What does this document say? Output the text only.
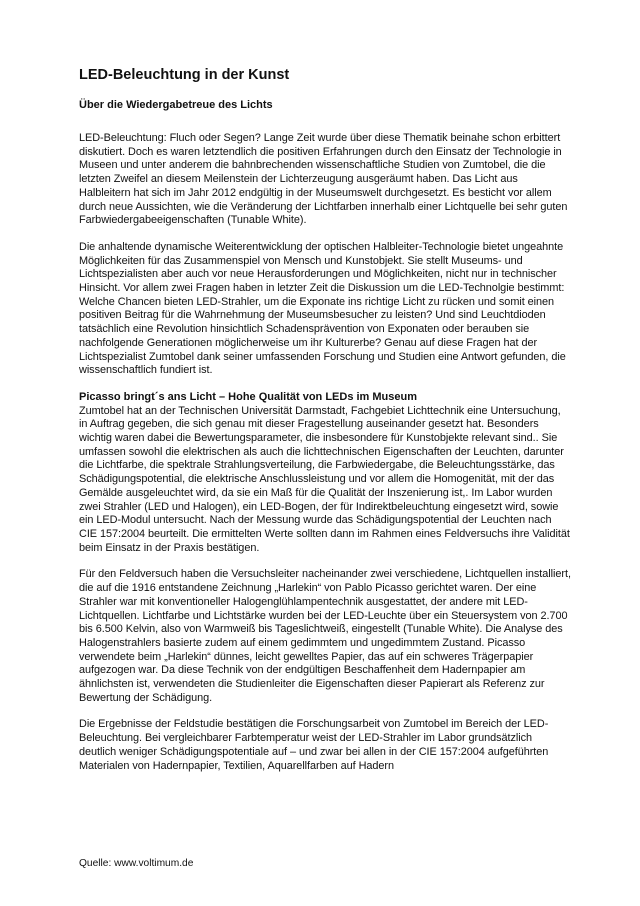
LED-Beleuchtung in der Kunst
Über die Wiedergabetreue des Lichts

LED-Beleuchtung: Fluch oder Segen? Lange Zeit wurde über diese Thematik beinahe schon erbittert diskutiert. Doch es waren letztendlich die positiven Erfahrungen durch den Einsatz der Technologie in Museen und unter anderem die bahnbrechenden wissenschaftliche Studien von Zumtobel, die die letzten Zweifel an diesem Meilenstein der Lichterzeugung ausgeräumt haben. Das Licht aus Halbleitern hat sich im Jahr 2012 endgültig in der Museumswelt durchgesetzt. Es besticht vor allem durch neue Aussichten, wie die Veränderung der Lichtfarben innerhalb einer Lichtquelle bei sehr guten Farbwiedergabeeigenschaften (Tunable White).

Die anhaltende dynamische Weiterentwicklung der optischen Halbleiter-Technologie bietet ungeahnte Möglichkeiten für das Zusammenspiel von Mensch und Kunstobjekt. Sie stellt Museums- und Lichtspezialisten aber auch vor neue Herausforderungen und Möglichkeiten, nicht nur in technischer Hinsicht. Vor allem zwei Fragen haben in letzter Zeit die Diskussion um die LED-Technolgie bestimmt: Welche Chancen bieten LED-Strahler, um die Exponate ins richtige Licht zu rücken und somit einen positiven Beitrag für die Wahrnehmung der Museumsbesucher zu leisten? Und sind Leuchtdioden tatsächlich eine Revolution hinsichtlich Schadensprävention von Exponaten oder berauben sie nachfolgende Generationen möglicherweise um ihr Kulturerbe? Genau auf diese Fragen hat der Lichtspezialist Zumtobel dank seiner umfassenden Forschung und Studien eine Antwort gefunden, die wissenschaftlich fundiert ist.

Picasso bringt´s ans Licht – Hohe Qualität von LEDs im Museum

Zumtobel hat an der Technischen Universität Darmstadt, Fachgebiet Lichttechnik eine Untersuchung, in Auftrag gegeben, die sich genau mit dieser Fragestellung auseinander gesetzt hat. Besonders wichtig waren dabei die Bewertungsparameter, die insbesondere für Kunstobjekte relevant sind.. Sie umfassen sowohl die elektrischen als auch die lichttechnischen Eigenschaften der Leuchten, darunter die Lichtfarbe, die spektrale Strahlungsverteilung, die Farbwiedergabe, die Beleuchtungsstärke, das Schädigungspotential, die elektrische Anschlussleistung und vor allem die Homogenität, mit der das Gemälde ausgeleuchtet wird, da sie ein Maß für die Qualität der Inszenierung ist,. Im Labor wurden zwei Strahler (LED und Halogen), ein LED-Bogen, der für Indirektbeleuchtung eingesetzt wird, sowie ein LED-Modul untersucht. Nach der Messung wurde das Schädigungspotential der Leuchten nach CIE 157:2004 beurteilt. Die ermittelten Werte sollten dann im Rahmen eines Feldversuchs ihre Validität beim Einsatz in der Praxis bestätigen.

Für den Feldversuch haben die Versuchsleiter nacheinander zwei verschiedene, Lichtquellen installiert, die auf die 1916 entstandene Zeichnung „Harlekin“ von Pablo Picasso gerichtet waren. Der eine Strahler war mit konventioneller Halogenglühlampentechnik ausgestattet, der andere mit LED-Lichtquellen. Lichtfarbe und Lichtstärke wurden bei der LED-Leuchte über ein Steuersystem von 2.700 bis 6.500 Kelvin, also von Warmweiß bis Tageslichtweiß, eingestellt (Tunable White). Die Analyse des Halogenstrahlers basierte zudem auf einem gedimmtem und ungedimmtem Zustand. Picasso verwendete beim „Harlekin“ dünnes, leicht gewelltes Papier, das auf ein schweres Trägerpapier aufgezogen war. Da diese Technik von der endgültigen Beschaffenheit dem Hadernpapier am ähnlichsten ist, verwendeten die Studienleiter die Eigenschaften dieser Papierart als Referenz zur Bewertung der Schädigung.

Die Ergebnisse der Feldstudie bestätigen die Forschungsarbeit von Zumtobel im Bereich der LED-Beleuchtung. Bei vergleichbarer Farbtemperatur weist der LED-Strahler im Labor grundsätzlich deutlich weniger Schädigungspotentiale auf – und zwar bei allen in der CIE 157:2004 aufgeführten Materialen von Hadernpapier, Textilien, Aquarellfarben auf Hadern

Quelle: www.voltimum.de
